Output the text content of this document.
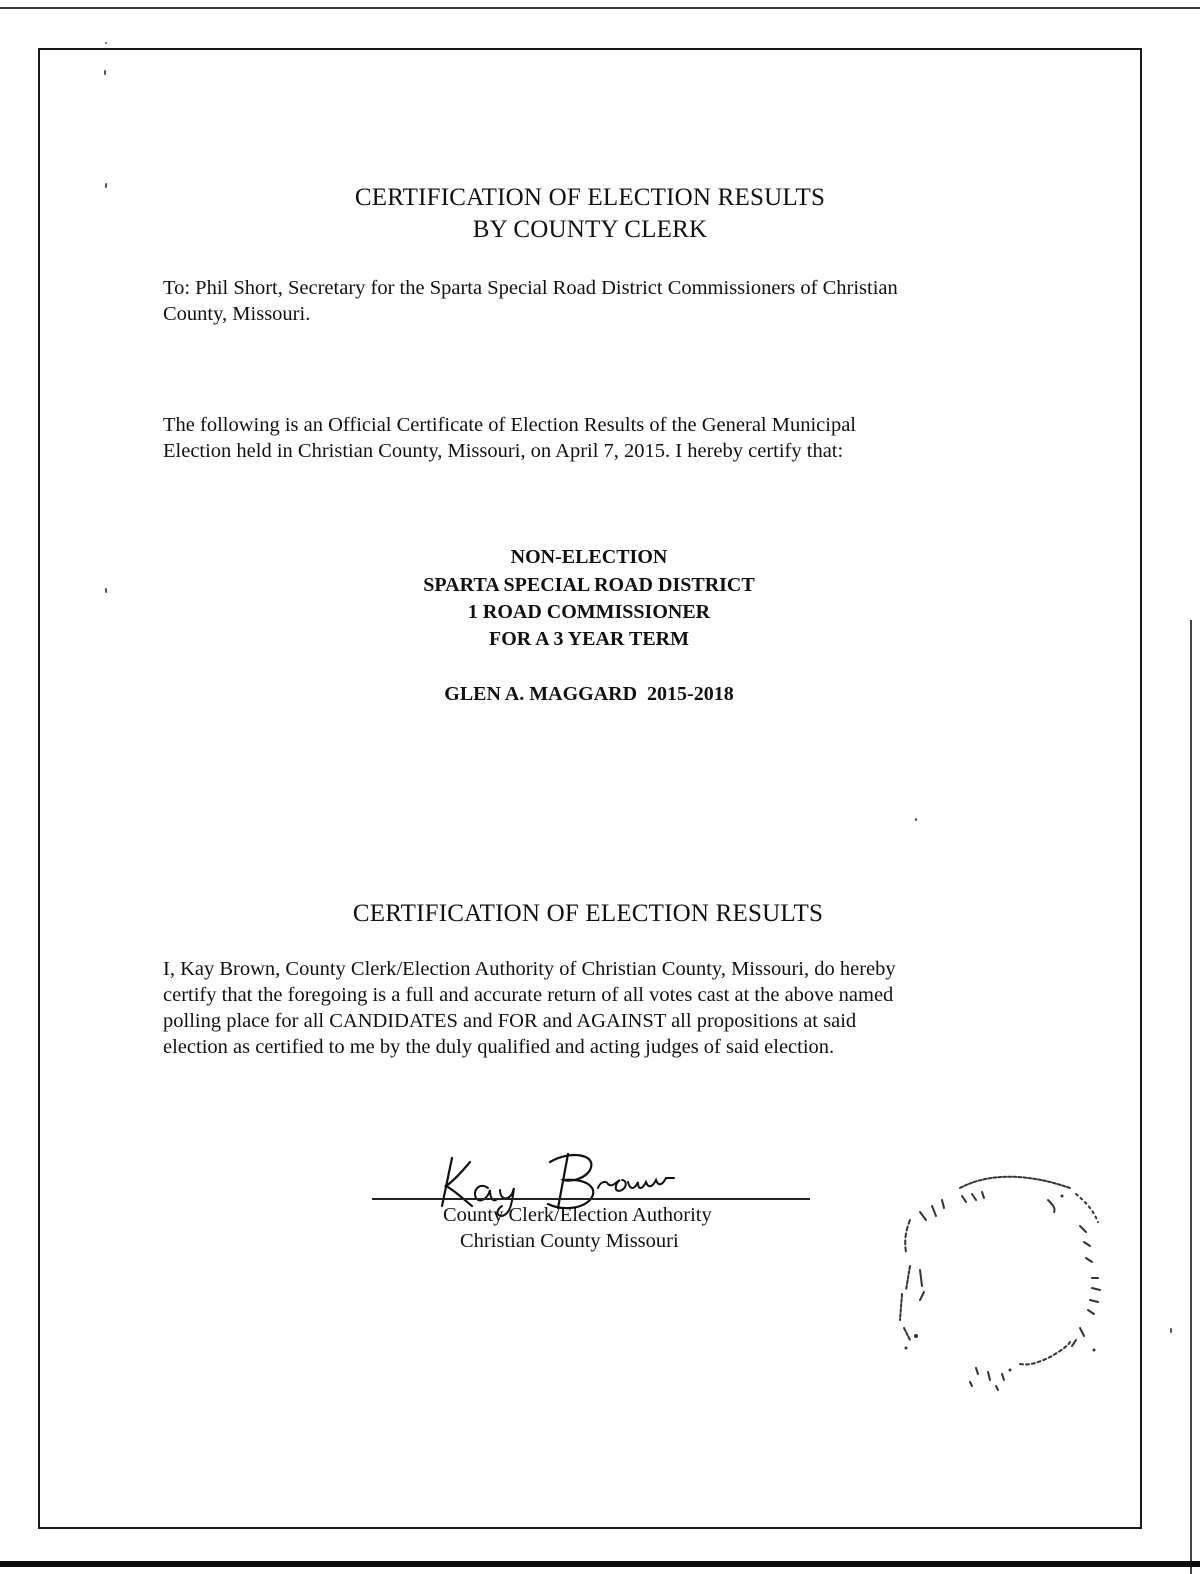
CERTIFICATION OF ELECTION RESULTS
BY COUNTY CLERK
To: Phil Short, Secretary for the Sparta Special Road District Commissioners of Christian
County, Missouri.
The following is an Official Certificate of Election Results of the General Municipal
Election held in Christian County, Missouri, on April 7, 2015. I hereby certify that:
NON-ELECTION
SPARTA SPECIAL ROAD DISTRICT
1 ROAD COMMISSIONER
FOR A 3 YEAR TERM
GLEN A. MAGGARD  2015-2018
CERTIFICATION OF ELECTION RESULTS
I, Kay Brown, County Clerk/Election Authority of Christian County, Missouri, do hereby
certify that the foregoing is a full and accurate return of all votes cast at the above named
polling place for all CANDIDATES and FOR and AGAINST all propositions at said
election as certified to me by the duly qualified and acting judges of said election.
County Clerk/Election Authority
Christian County Missouri
